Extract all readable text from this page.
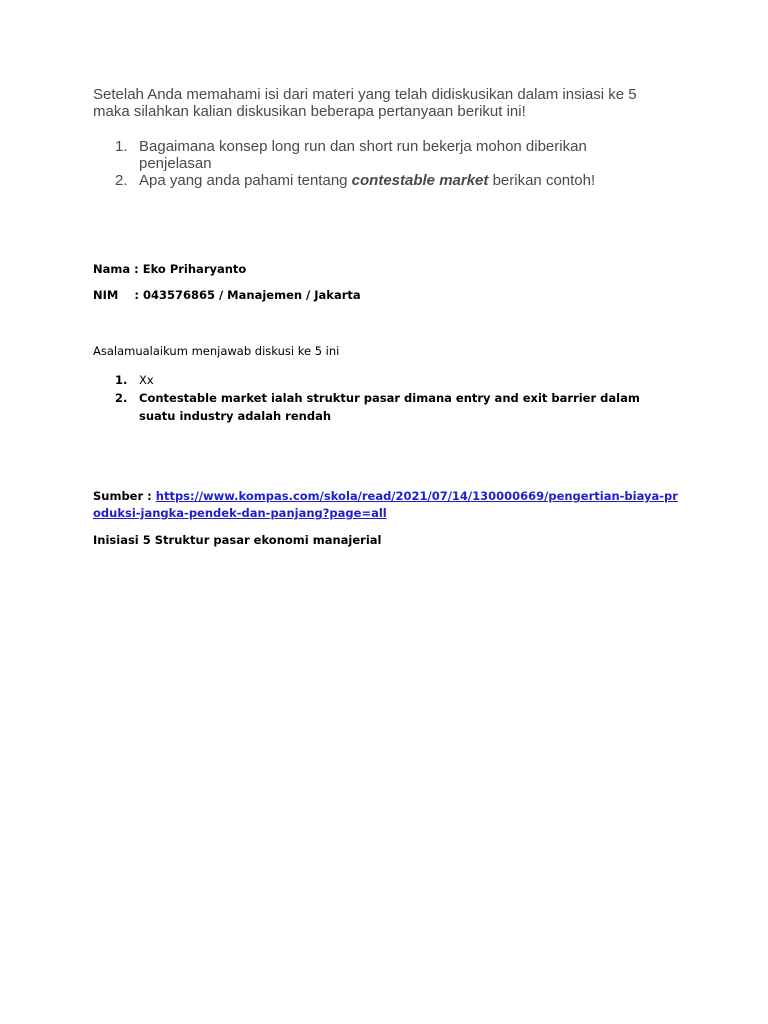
Setelah Anda memahami isi dari materi yang telah didiskusikan dalam insiasi ke 5
maka silahkan kalian diskusikan beberapa pertanyaan berikut ini!
1. Bagaimana konsep long run dan short run bekerja mohon diberikan penjelasan
2. Apa yang anda pahami tentang contestable market berikan contoh!
Nama : Eko Priharyanto
NIM    : 043576865 / Manajemen / Jakarta
Asalamualaikum menjawab diskusi ke 5 ini
1.	Xx
2.	Contestable market ialah struktur pasar dimana entry and exit barrier dalam suatu industry adalah rendah
Sumber : https://www.kompas.com/skola/read/2021/07/14/130000669/pengertian-biaya-produksi-jangka-pendek-dan-panjang?page=all
Inisiasi 5 Struktur pasar ekonomi manajerial
